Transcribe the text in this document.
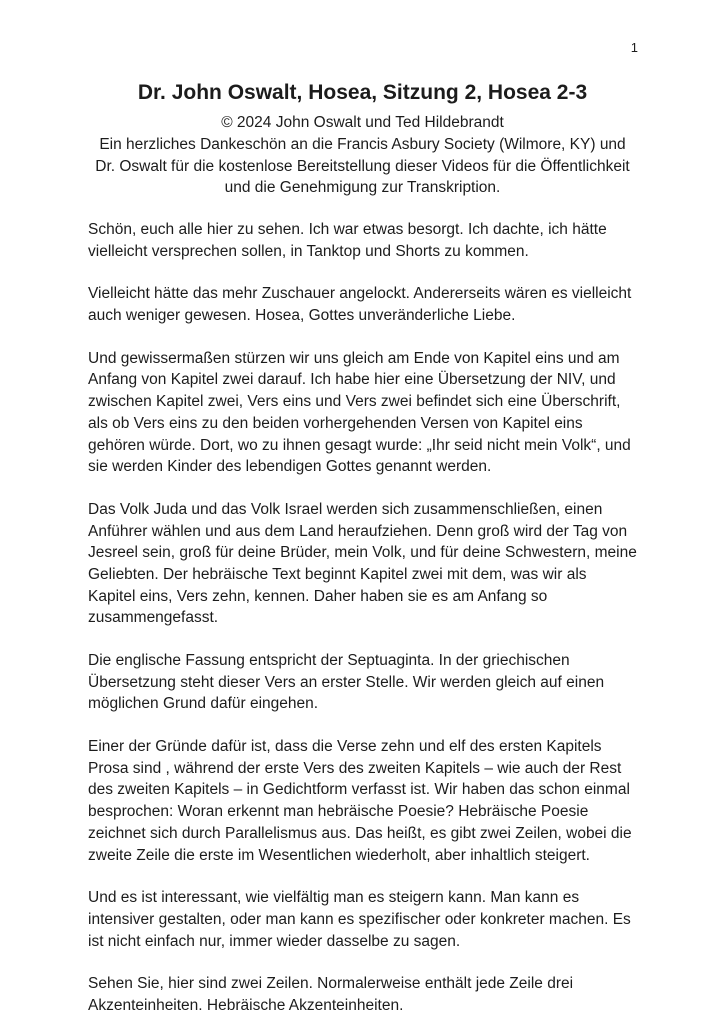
1
Dr. John Oswalt, Hosea, Sitzung 2, Hosea 2-3

© 2024 John Oswalt und Ted Hildebrandt

Ein herzliches Dankeschön an die Francis Asbury Society (Wilmore, KY) und Dr. Oswalt für die kostenlose Bereitstellung dieser Videos für die Öffentlichkeit und die Genehmigung zur Transkription.

Schön, euch alle hier zu sehen. Ich war etwas besorgt. Ich dachte, ich hätte vielleicht versprechen sollen, in Tanktop und Shorts zu kommen.

Vielleicht hätte das mehr Zuschauer angelockt. Andererseits wären es vielleicht auch weniger gewesen. Hosea, Gottes unveränderliche Liebe.

Und gewissermaßen stürzen wir uns gleich am Ende von Kapitel eins und am Anfang von Kapitel zwei darauf. Ich habe hier eine Übersetzung der NIV, und zwischen Kapitel zwei, Vers eins und Vers zwei befindet sich eine Überschrift, als ob Vers eins zu den beiden vorhergehenden Versen von Kapitel eins gehören würde. Dort, wo zu ihnen gesagt wurde: „Ihr seid nicht mein Volk“, und sie werden Kinder des lebendigen Gottes genannt werden.

Das Volk Juda und das Volk Israel werden sich zusammenschließen, einen Anführer wählen und aus dem Land heraufziehen. Denn groß wird der Tag von Jesreel sein, groß für deine Brüder, mein Volk, und für deine Schwestern, meine Geliebten. Der hebräische Text beginnt Kapitel zwei mit dem, was wir als Kapitel eins, Vers zehn, kennen. Daher haben sie es am Anfang so zusammengefasst.

Die englische Fassung entspricht der Septuaginta. In der griechischen Übersetzung steht dieser Vers an erster Stelle. Wir werden gleich auf einen möglichen Grund dafür eingehen.

Einer der Gründe dafür ist, dass die Verse zehn und elf des ersten Kapitels Prosa sind , während der erste Vers des zweiten Kapitels – wie auch der Rest des zweiten Kapitels – in Gedichtform verfasst ist. Wir haben das schon einmal besprochen: Woran erkennt man hebräische Poesie? Hebräische Poesie zeichnet sich durch Parallelismus aus. Das heißt, es gibt zwei Zeilen, wobei die zweite Zeile die erste im Wesentlichen wiederholt, aber inhaltlich steigert.

Und es ist interessant, wie vielfältig man es steigern kann. Man kann es intensiver gestalten, oder man kann es spezifischer oder konkreter machen. Es ist nicht einfach nur, immer wieder dasselbe zu sagen.

Sehen Sie, hier sind zwei Zeilen. Normalerweise enthält jede Zeile drei Akzenteinheiten. Hebräische Akzenteinheiten.
